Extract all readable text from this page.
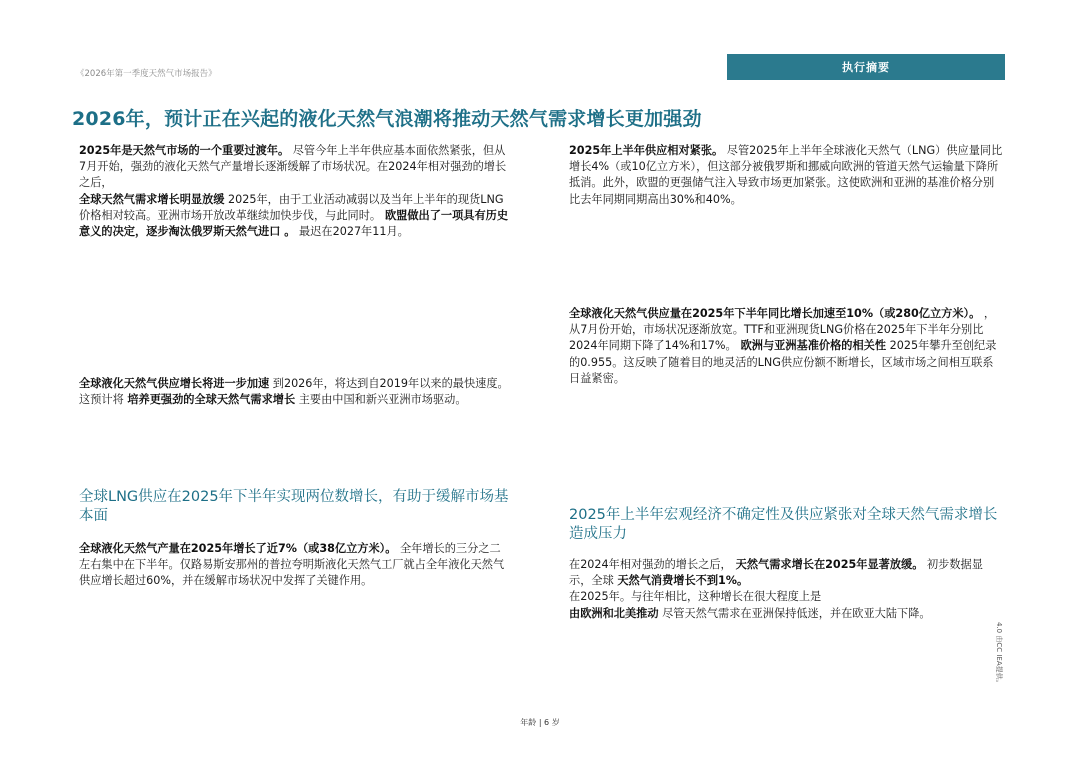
《2026年第一季度天然气市场报告》	执行摘要
2026年，预计正在兴起的液化天然气浪潮将推动天然气需求增长更加强劲
2025年是天然气市场的一个重要过渡年。 尽管今年上半年供应基本面依然紧张，但从7月开始，强劲的液化天然气产量增长逐渐缓解了市场状况。在2024年相对强劲的增长之后，
全球天然气需求增长明显放缓 2025年，由于工业活动减弱以及当年上半年的现货LNG价格相对较高。亚洲市场开放改革继续加快步伐，与此同时。 欧盟做出了一项具有历史意义的决定，逐步淘汰俄罗斯天然气进口 。 最迟在2027年11月。
全球液化天然气供应增长将进一步加速 到2026年，将达到自2019年以来的最快速度。这预计将 培养更强劲的全球天然气需求增长 主要由中国和新兴亚洲市场驱动。
全球LNG供应在2025年下半年实现两位数增长，有助于缓解市场基本面
全球液化天然气产量在2025年增长了近7%（或38亿立方米）。 全年增长的三分之二左右集中在下半年。仅路易斯安那州的普拉夸明斯液化天然气工厂就占全年液化天然气供应增长超过60%，并在缓解市场状况中发挥了关键作用。
2025年上半年供应相对紧张。 尽管2025年上半年全球液化天然气（LNG）供应量同比增长4%（或10亿立方米），但这部分被俄罗斯和挪威向欧洲的管道天然气运输量下降所抵消。此外，欧盟的更强储气注入导致市场更加紧张。这使欧洲和亚洲的基准价格分别比去年同期同期高出30%和40%。
全球液化天然气供应量在2025年下半年同比增长加速至10%（或280亿立方米）。 ，从7月份开始，市场状况逐渐放宽。TTF和亚洲现货LNG价格在2025年下半年分别比2024年同期下降了14%和17%。 欧洲与亚洲基准价格的相关性 2025年攀升至创纪录的0.955。这反映了随着目的地灵活的LNG供应份额不断增长，区域市场之间相互联系日益紧密。
2025年上半年宏观经济不确定性及供应紧张对全球天然气需求增长造成压力
在2024年相对强劲的增长之后， 天然气需求增长在2025年显著放缓。 初步数据显示，全球 天然气消费增长不到1%。
在2025年。与往年相比，这种增长在很大程度上是
由欧洲和北美推动 尽管天然气需求在亚洲保持低迷，并在欧亚大陆下降。
4.0 由CC IEA提供。
年龄 | 6 岁
